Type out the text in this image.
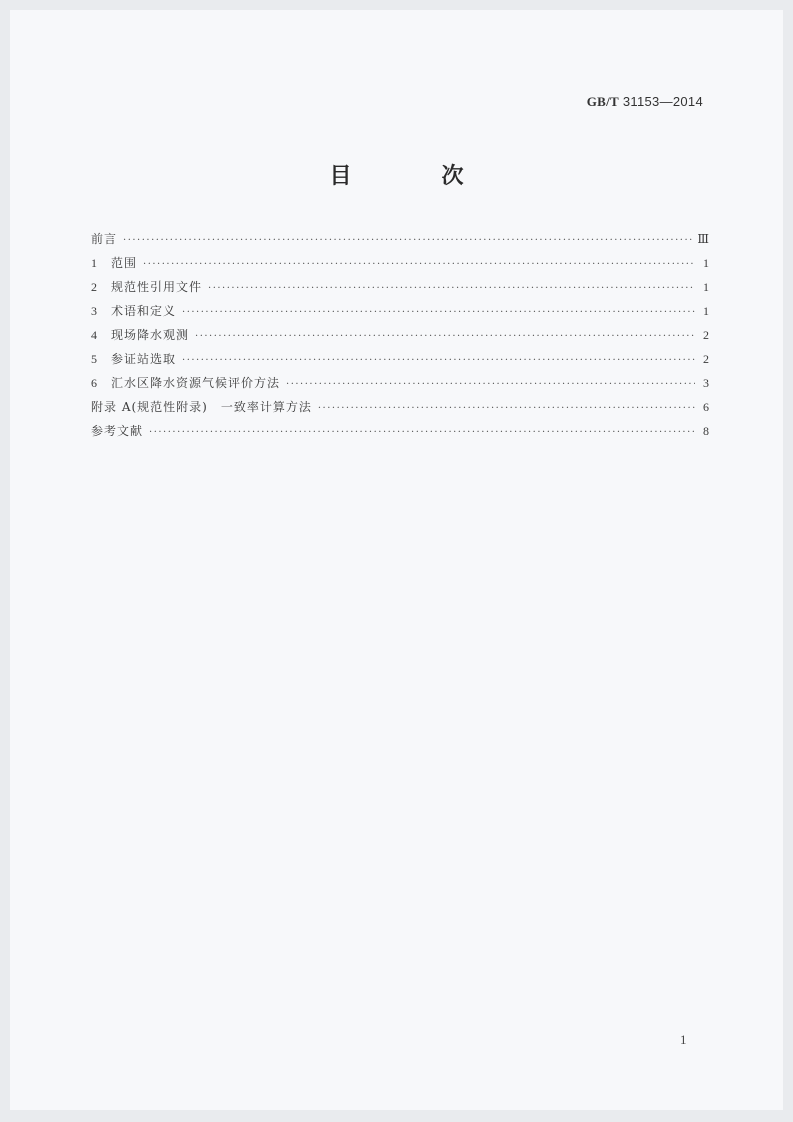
GB/T 31153—2014
目　次
前言 ·····	Ⅲ
1	范围 ·····	1
2	规范性引用文件 ·····	1
3	术语和定义 ·····	1
4	现场降水观测 ·····	2
5	参证站选取 ·····	2
6	汇水区降水资源气候评价方法 ·····	3
附录 A(规范性附录)　一致率计算方法 ·····	6
参考文献 ·····	8
1
